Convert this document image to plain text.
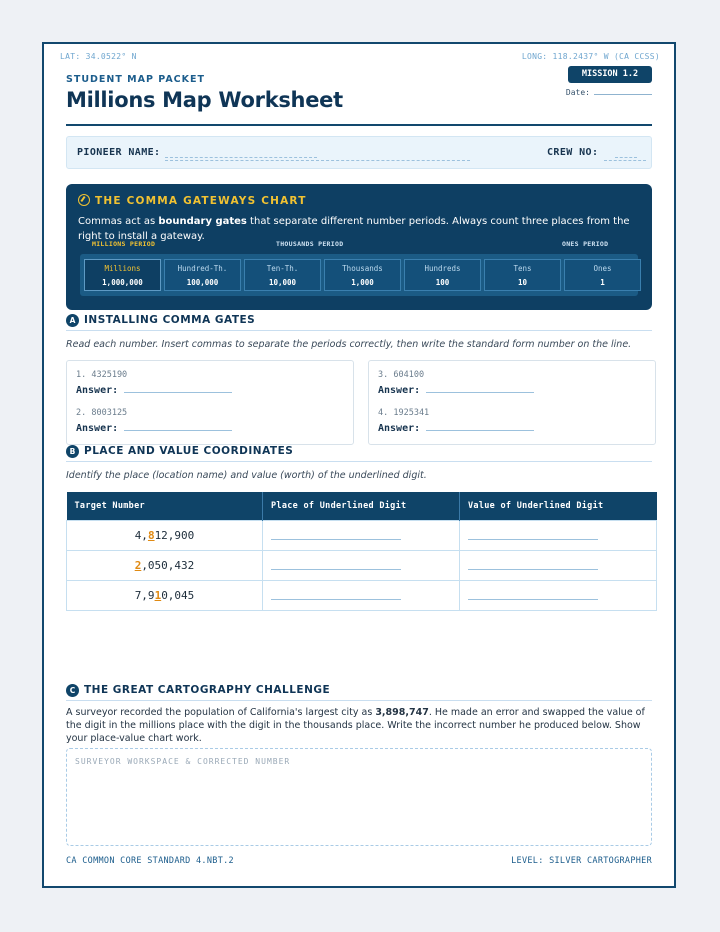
LAT: 34.0522° N	LONG: 118.2437° W (CA CCSS)
STUDENT MAP PACKET
Millions Map Worksheet
MISSION 1.2
Date:
PIONEER NAME:	CREW NO:
THE COMMA GATEWAYS CHART
Commas act as boundary gates that separate different number periods. Always count three places from the right to install a gateway.
MILLIONS PERIOD	THOUSANDS PERIOD	ONES PERIOD
Millions
1,000,000
Hundred-Th.
100,000
Ten-Th.
10,000
Thousands
1,000
Hundreds
100
Tens
10
Ones
1
A INSTALLING COMMA GATES
Read each number. Insert commas to separate the periods correctly, then write the standard form number on the line.
1. 4325190
Answer:
2. 8003125
Answer:
3. 604100
Answer:
4. 1925341
Answer:
B PLACE AND VALUE COORDINATES
Identify the place (location name) and value (worth) of the underlined digit.
Target Number	Place of Underlined Digit	Value of Underlined Digit
4,812,900		
2,050,432		
7,910,045		
C THE GREAT CARTOGRAPHY CHALLENGE
A surveyor recorded the population of California's largest city as 3,898,747. He made an error and swapped the value of the digit in the millions place with the digit in the thousands place. Write the incorrect number he produced below. Show your place-value chart work.
SURVEYOR WORKSPACE & CORRECTED NUMBER
CA COMMON CORE STANDARD 4.NBT.2	LEVEL: SILVER CARTOGRAPHER
